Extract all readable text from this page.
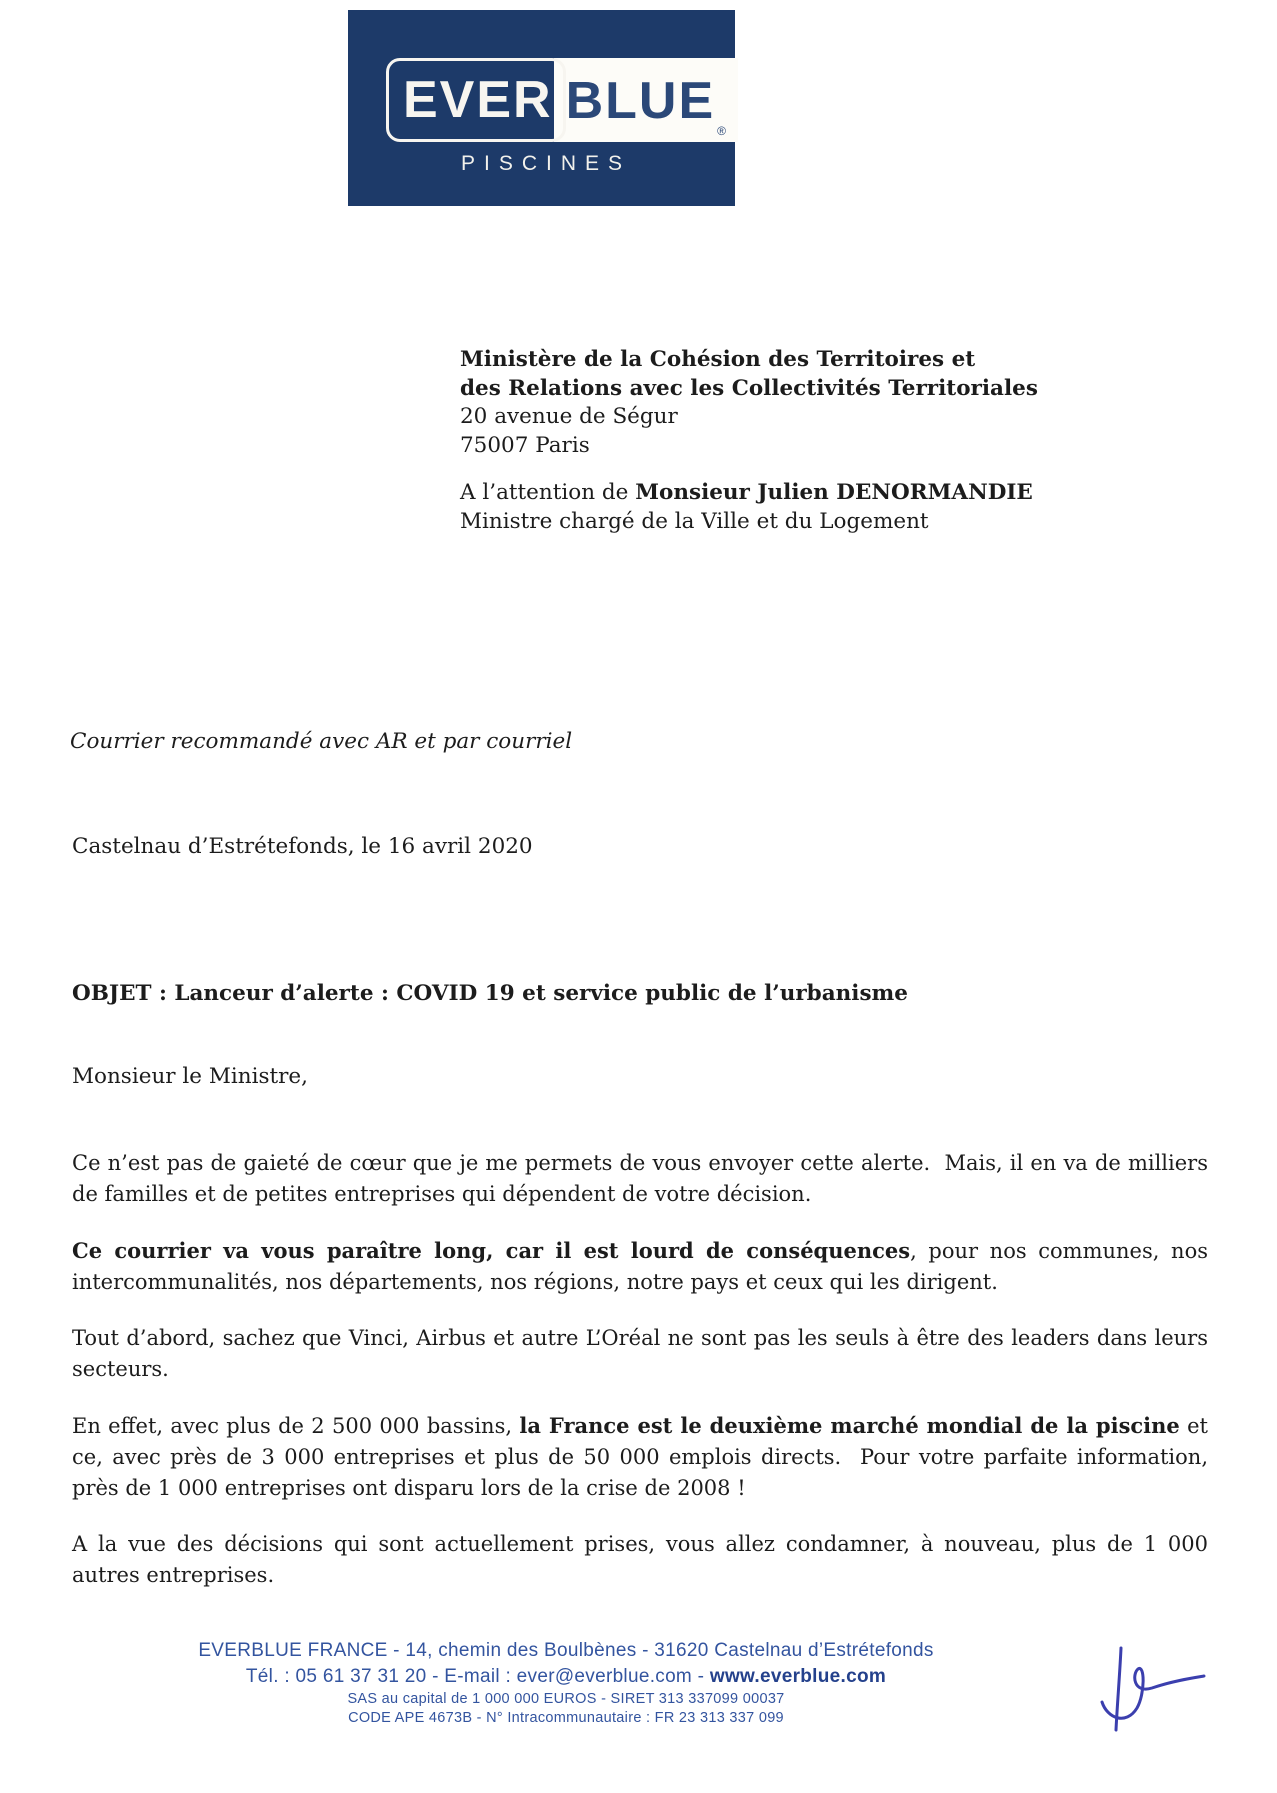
EVER BLUE
®
PISCINES
Ministère de la Cohésion des Territoires et
des Relations avec les Collectivités Territoriales
20 avenue de Ségur
75007 Paris
A l’attention de Monsieur Julien DENORMANDIE
Ministre chargé de la Ville et du Logement
Courrier recommandé avec AR et par courriel
Castelnau d’Estrétefonds, le 16 avril 2020
OBJET : Lanceur d’alerte : COVID 19 et service public de l’urbanisme
Monsieur le Ministre,

Ce n’est pas de gaieté de cœur que je me permets de vous envoyer cette alerte.  Mais, il en va de milliers de familles et de petites entreprises qui dépendent de votre décision.

Ce courrier va vous paraître long, car il est lourd de conséquences, pour nos communes, nos intercommunalités, nos départements, nos régions, notre pays et ceux qui les dirigent.

Tout d’abord, sachez que Vinci, Airbus et autre L’Oréal ne sont pas les seuls à être des leaders dans leurs secteurs.

En effet, avec plus de 2 500 000 bassins, la France est le deuxième marché mondial de la piscine et ce, avec près de 3 000 entreprises et plus de 50 000 emplois directs.  Pour votre parfaite information, près de 1 000 entreprises ont disparu lors de la crise de 2008 !

A la vue des décisions qui sont actuellement prises, vous allez condamner, à nouveau, plus de 1 000 autres entreprises.

EVERBLUE FRANCE - 14, chemin des Boulbènes - 31620 Castelnau d’Estrétefonds
Tél. : 05 61 37 31 20 - E-mail : ever@everblue.com - www.everblue.com
SAS au capital de 1 000 000 EUROS - SIRET 313 337099 00037
CODE APE 4673B - N° Intracommunautaire : FR 23 313 337 099
